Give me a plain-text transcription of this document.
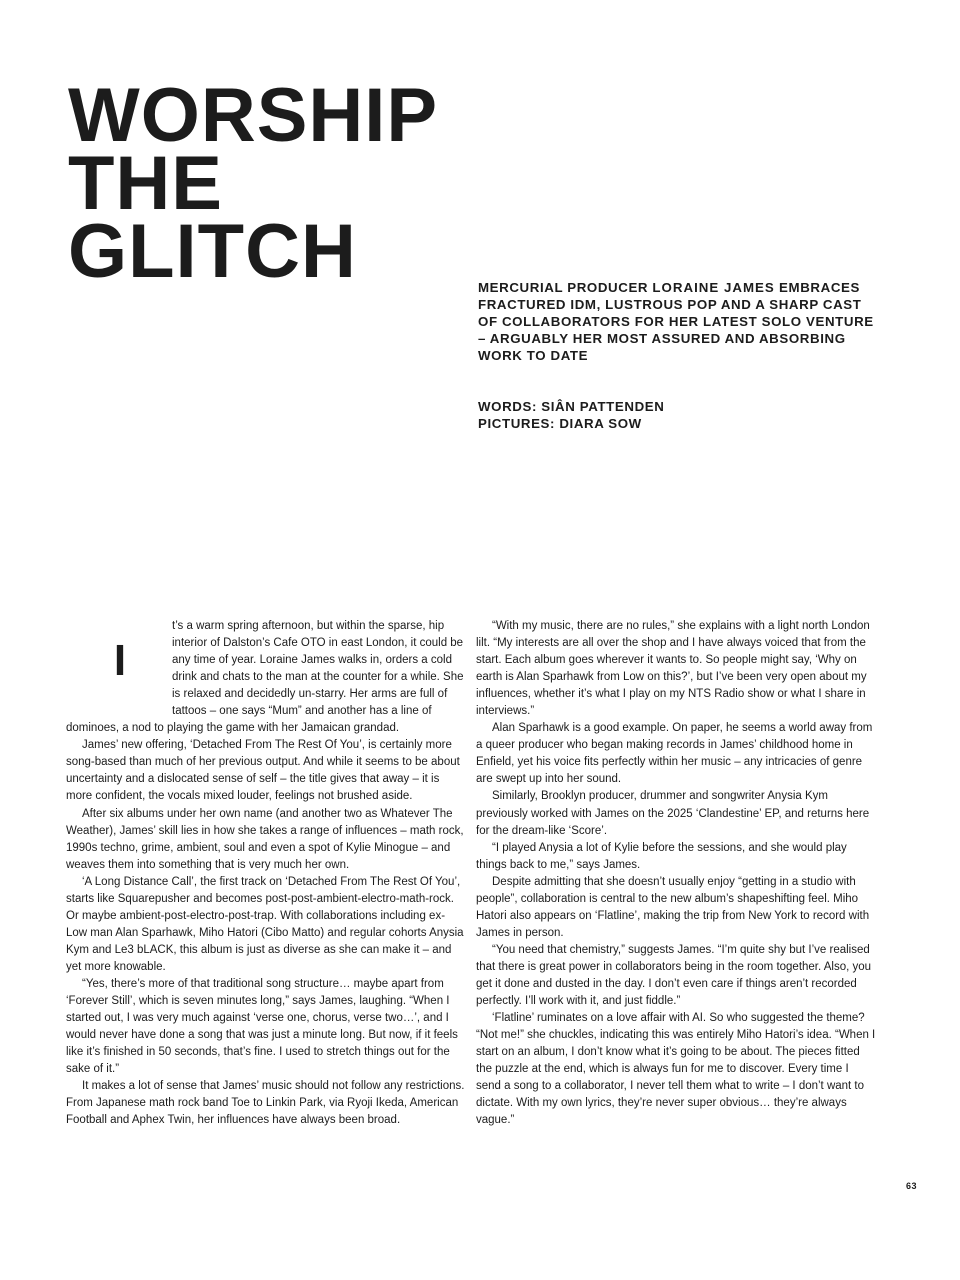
WORSHIP
THE
GLITCH	MERCURIAL PRODUCER LORAINE JAMES EMBRACES FRACTURED IDM, LUSTROUS POP AND A SHARP CAST OF COLLABORATORS FOR HER LATEST SOLO VENTURE – ARGUABLY HER MOST ASSURED AND ABSORBING WORK TO DATE

WORDS: SIÂN PATTENDEN
PICTURES: DIARA SOW
I

t’s a warm spring afternoon, but within the sparse, hip interior of Dalston’s Cafe OTO in east London, it could be any time of year. Loraine James walks in, orders a cold drink and chats to the man at the counter for a while. She is relaxed and decidedly un-starry. Her arms are full of tattoos – one says “Mum” and another has a line of dominoes, a nod to playing the game with her Jamaican grandad.

James’ new offering, ‘Detached From The Rest Of You’, is certainly more song-based than much of her previous output. And while it seems to be about uncertainty and a dislocated sense of self – the title gives that away – it is more confident, the vocals mixed louder, feelings not brushed aside.

After six albums under her own name (and another two as Whatever The Weather), James’ skill lies in how she takes a range of influences – math rock, 1990s techno, grime, ambient, soul and even a spot of Kylie Minogue – and weaves them into something that is very much her own.

‘A Long Distance Call’, the first track on ‘Detached From The Rest Of You’, starts like Squarepusher and becomes post-post-ambient-electro-math-rock. Or maybe ambient-post-electro-post-trap. With collaborations including ex-Low man Alan Sparhawk, Miho Hatori (Cibo Matto) and regular cohorts Anysia Kym and Le3 bLACK, this album is just as diverse as she can make it – and yet more knowable.

“Yes, there’s more of that traditional song structure… maybe apart from ‘Forever Still’, which is seven minutes long,” says James, laughing. “When I started out, I was very much against ‘verse one, chorus, verse two…’, and I would never have done a song that was just a minute long. But now, if it feels like it’s finished in 50 seconds, that’s fine. I used to stretch things out for the sake of it.”

It makes a lot of sense that James’ music should not follow any restrictions. From Japanese math rock band Toe to Linkin Park, via Ryoji Ikeda, American Football and Aphex Twin, her influences have always been broad.

“With my music, there are no rules,” she explains with a light north London lilt. “My interests are all over the shop and I have always voiced that from the start. Each album goes wherever it wants to. So people might say, ‘Why on earth is Alan Sparhawk from Low on this?’, but I’ve been very open about my influences, whether it’s what I play on my NTS Radio show or what I share in interviews.”

Alan Sparhawk is a good example. On paper, he seems a world away from a queer producer who began making records in James’ childhood home in Enfield, yet his voice fits perfectly within her music – any intricacies of genre are swept up into her sound.

Similarly, Brooklyn producer, drummer and songwriter Anysia Kym previously worked with James on the 2025 ‘Clandestine’ EP, and returns here for the dream-like ‘Score’.

“I played Anysia a lot of Kylie before the sessions, and she would play things back to me,” says James.

Despite admitting that she doesn’t usually enjoy “getting in a studio with people”, collaboration is central to the new album’s shapeshifting feel. Miho Hatori also appears on ‘Flatline’, making the trip from New York to record with James in person.

“You need that chemistry,” suggests James. “I’m quite shy but I’ve realised that there is great power in collaborators being in the room together. Also, you get it done and dusted in the day. I don’t even care if things aren’t recorded perfectly. I’ll work with it, and just fiddle.”

‘Flatline’ ruminates on a love affair with AI. So who suggested the theme?

“Not me!” she chuckles, indicating this was entirely Miho Hatori’s idea. “When I start on an album, I don’t know what it’s going to be about. The pieces fitted the puzzle at the end, which is always fun for me to discover. Every time I send a song to a collaborator, I never tell them what to write – I don’t want to dictate. With my own lyrics, they’re never super obvious… they’re always vague.”

63
